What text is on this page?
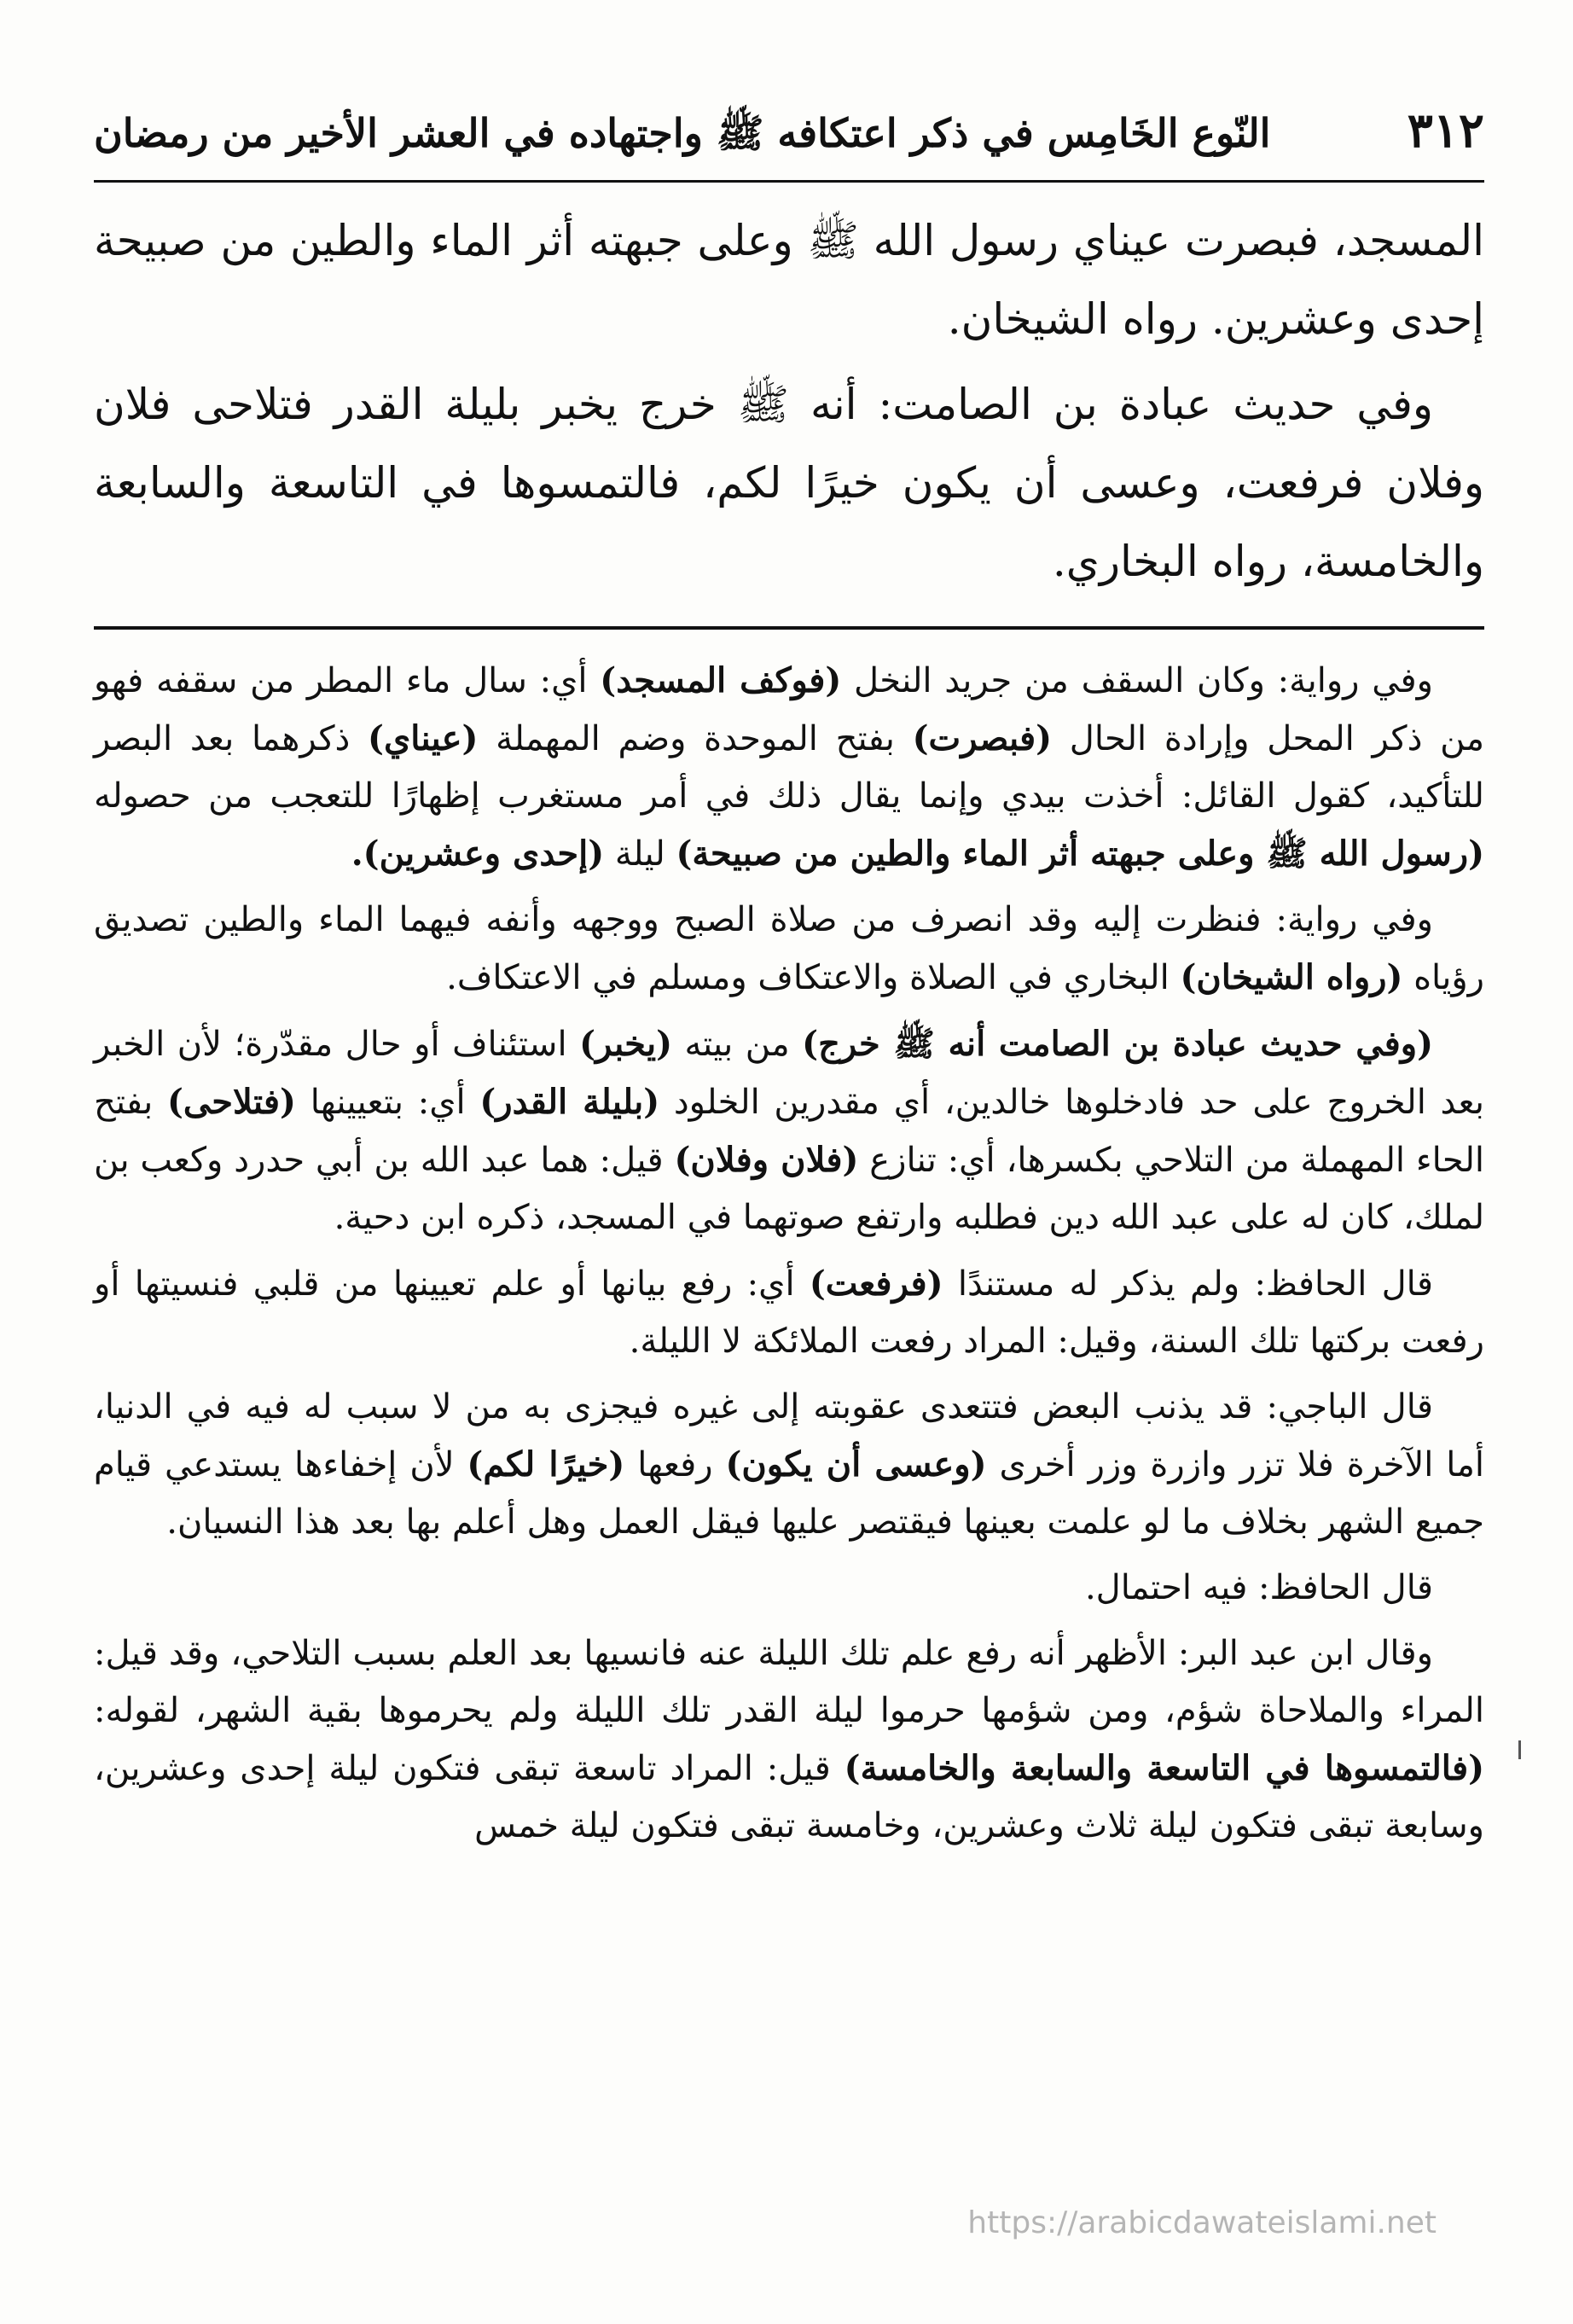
٣١٢
النّوع الخَامِس في ذكر اعتكافه ﷺ واجتهاده في العشر الأخير من رمضان

المسجد، فبصرت عيناي رسول الله ﷺ وعلى جبهته أثر الماء والطين من صبيحة إحدى وعشرين. رواه الشيخان.

وفي حديث عبادة بن الصامت: أنه ﷺ خرج يخبر بليلة القدر فتلاحى فلان وفلان فرفعت، وعسى أن يكون خيرًا لكم، فالتمسوها في التاسعة والسابعة والخامسة، رواه البخاري.

وفي رواية: وكان السقف من جريد النخل (فوكف المسجد) أي: سال ماء المطر من سقفه فهو من ذكر المحل وإرادة الحال (فبصرت) بفتح الموحدة وضم المهملة (عيناي) ذكرهما بعد البصر للتأكيد، كقول القائل: أخذت بيدي وإنما يقال ذلك في أمر مستغرب إظهارًا للتعجب من حصوله (رسول الله ﷺ وعلى جبهته أثر الماء والطين من صبيحة) ليلة (إحدى وعشرين).

وفي رواية: فنظرت إليه وقد انصرف من صلاة الصبح ووجهه وأنفه فيهما الماء والطين تصديق رؤياه (رواه الشيخان) البخاري في الصلاة والاعتكاف ومسلم في الاعتكاف.

(وفي حديث عبادة بن الصامت أنه ﷺ خرج) من بيته (يخبر) استئناف أو حال مقدّرة؛ لأن الخبر بعد الخروج على حد فادخلوها خالدين، أي مقدرين الخلود (بليلة القدر) أي: بتعيينها (فتلاحى) بفتح الحاء المهملة من التلاحي بكسرها، أي: تنازع (فلان وفلان) قيل: هما عبد الله بن أبي حدرد وكعب بن لملك، كان له على عبد الله دين فطلبه وارتفع صوتهما في المسجد، ذكره ابن دحية.

قال الحافظ: ولم يذكر له مستندًا (فرفعت) أي: رفع بيانها أو علم تعيينها من قلبي فنسيتها أو رفعت بركتها تلك السنة، وقيل: المراد رفعت الملائكة لا الليلة.

قال الباجي: قد يذنب البعض فتتعدى عقوبته إلى غيره فيجزى به من لا سبب له فيه في الدنيا، أما الآخرة فلا تزر وازرة وزر أخرى (وعسى أن يكون) رفعها (خيرًا لكم) لأن إخفاءها يستدعي قيام جميع الشهر بخلاف ما لو علمت بعينها فيقتصر عليها فيقل العمل وهل أعلم بها بعد هذا النسيان.

قال الحافظ: فيه احتمال.

وقال ابن عبد البر: الأظهر أنه رفع علم تلك الليلة عنه فانسيها بعد العلم بسبب التلاحي، وقد قيل: المراء والملاحاة شؤم، ومن شؤمها حرموا ليلة القدر تلك الليلة ولم يحرموها بقية الشهر، لقوله: (فالتمسوها في التاسعة والسابعة والخامسة) قيل: المراد تاسعة تبقى فتكون ليلة إحدى وعشرين، وسابعة تبقى فتكون ليلة ثلاث وعشرين، وخامسة تبقى فتكون ليلة خمس

https://arabicdawateislami.net
